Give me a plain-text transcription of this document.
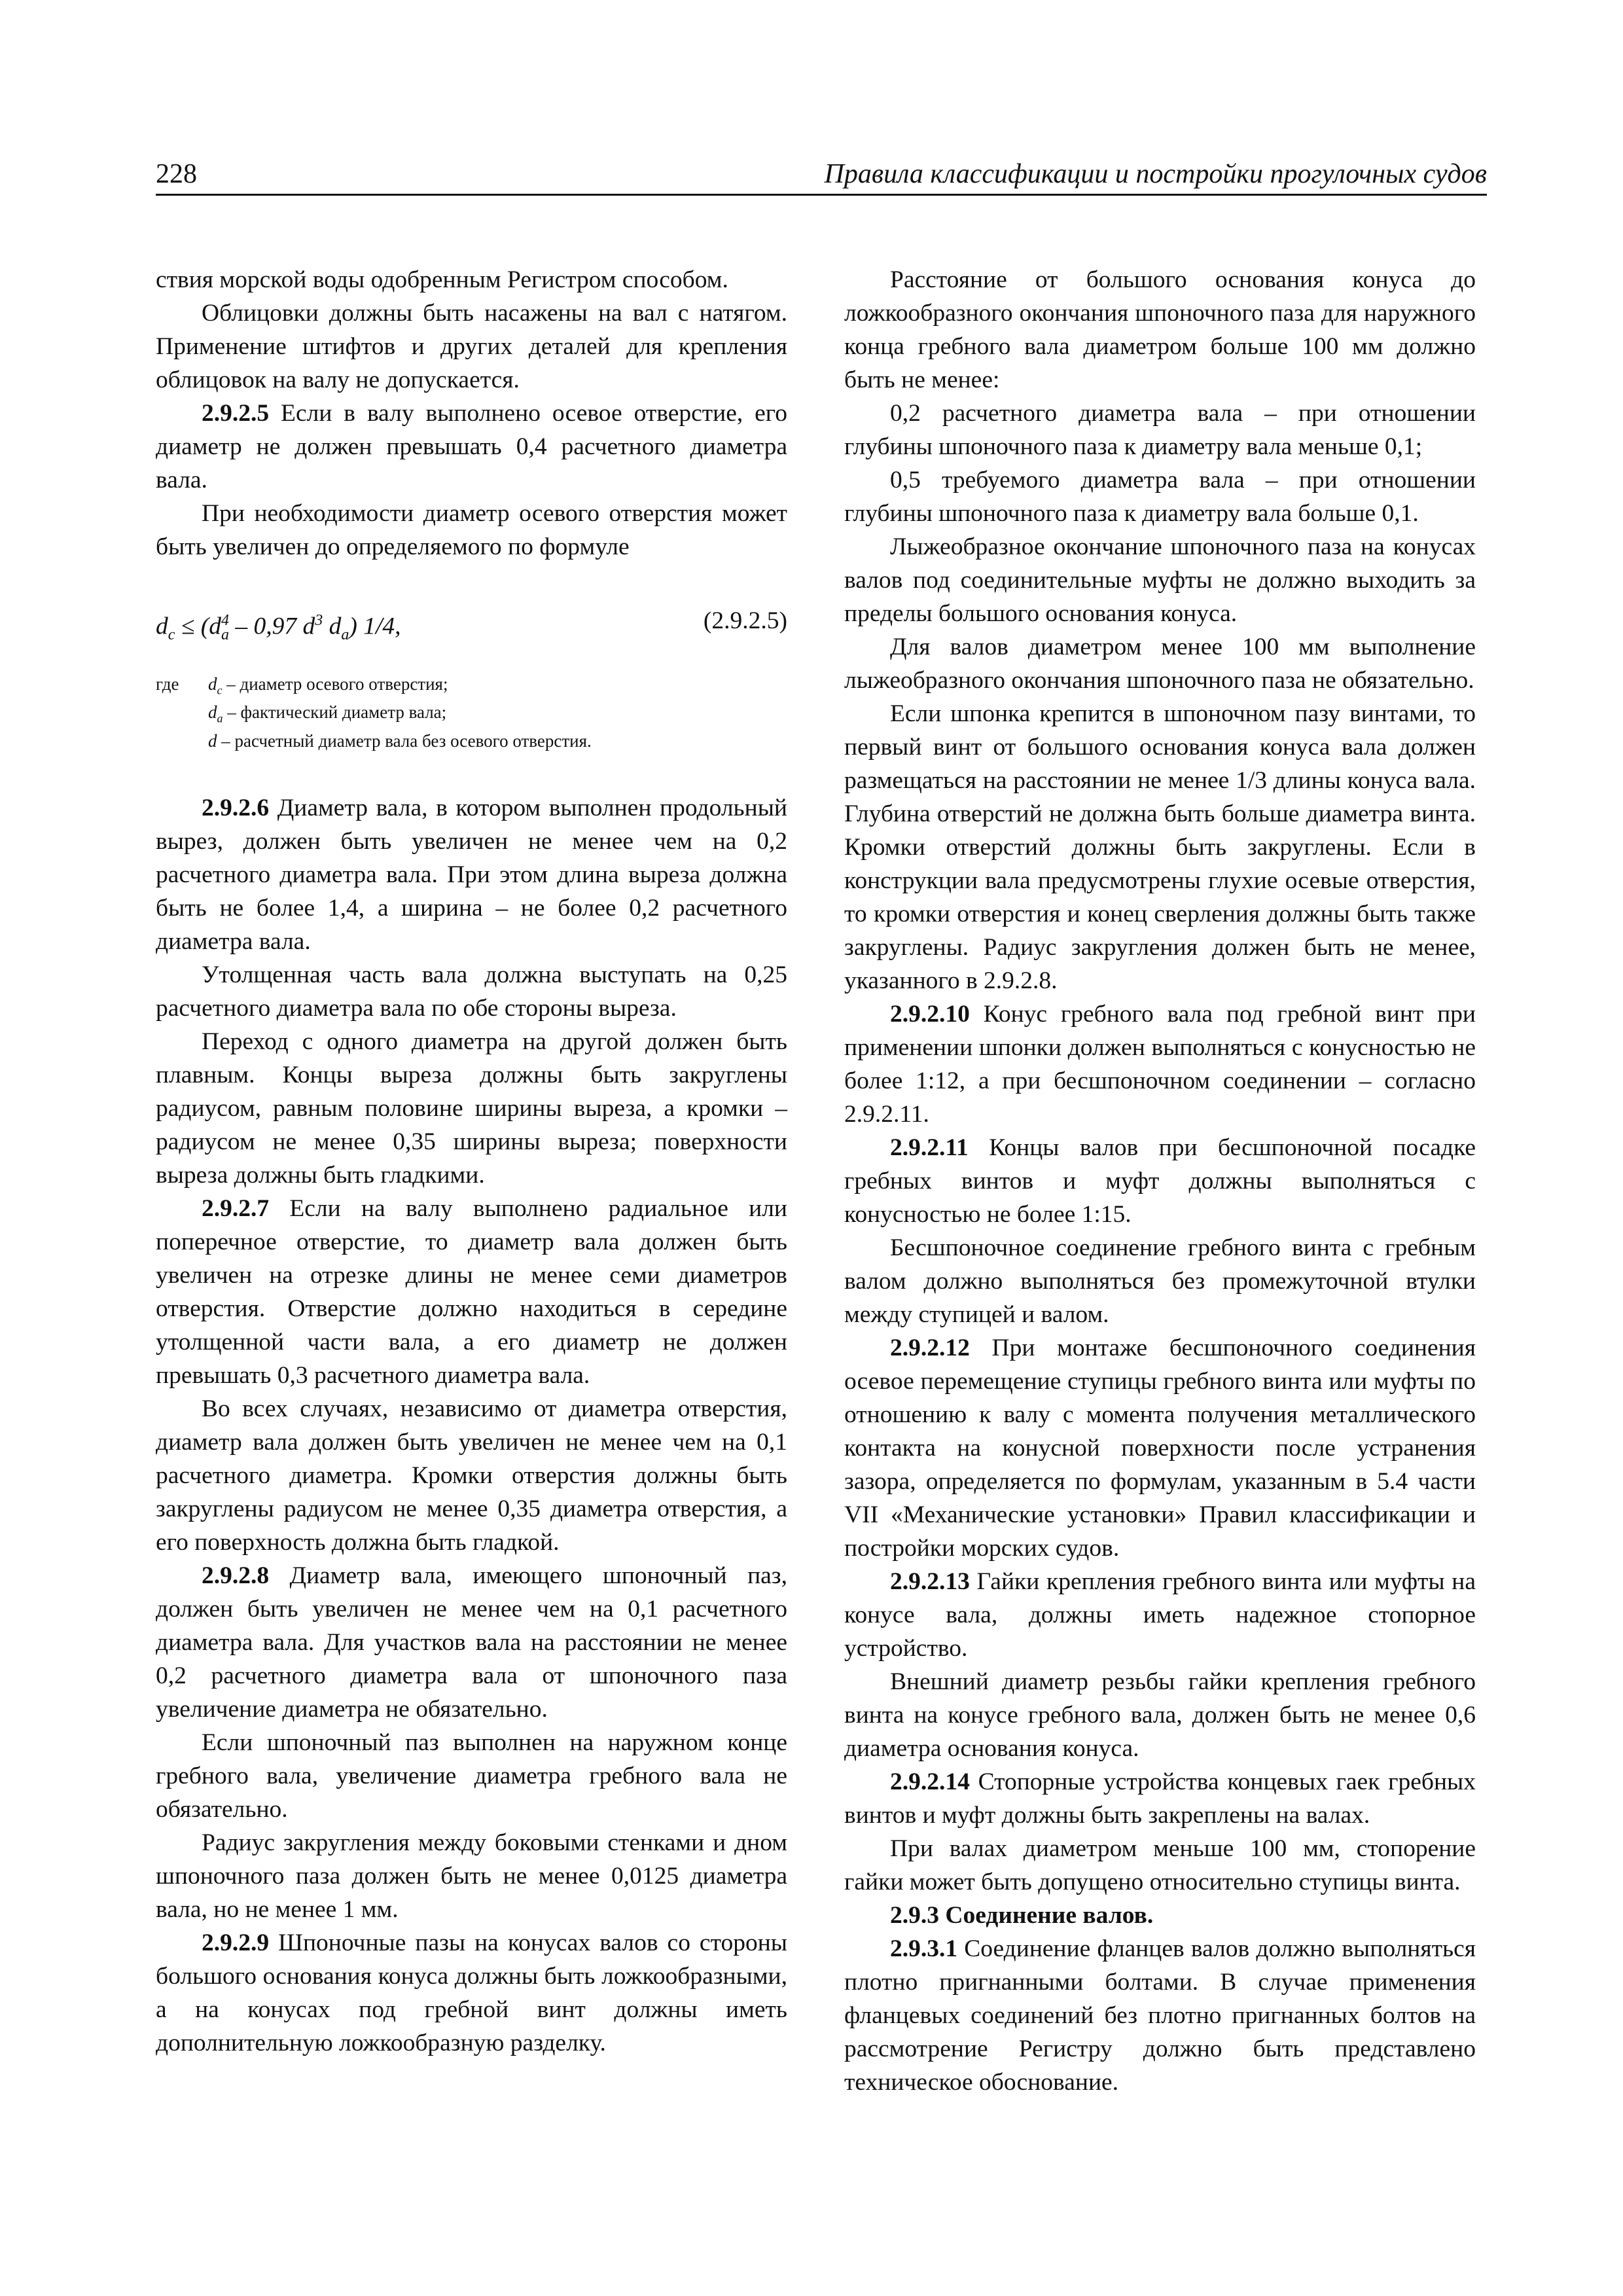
228	Правила классификации и постройки прогулочных судов

ствия морской воды одобренным Регистром способом.

Облицовки должны быть насажены на вал с натягом. Применение штифтов и других деталей для крепления облицовок на валу не допускается.

2.9.2.5 Если в валу выполнено осевое отверстие, его диаметр не должен превышать 0,4 расчетного диаметра вала.

При необходимости диаметр осевого отверстия может быть увеличен до определяемого по формуле

$d_c \le (d^4_a - 0,97$ $d^3$ $d_a$) 1/4,	(2.9.2.5)
где $d_c$ – диаметр осевого отверстия;
$d_a$ – фактический диаметр вала;
d – расчетный диаметр вала без осевого отверстия.

2.9.2.6 Диаметр вала, в котором выполнен продольный вырез, должен быть увеличен не менее чем на 0,2 расчетного диаметра вала. При этом длина выреза должна быть не более 1,4, а ширина – не более 0,2 расчетного диаметра вала.

Утолщенная часть вала должна выступать на 0,25 расчетного диаметра вала по обе стороны выреза.

Переход с одного диаметра на другой должен быть плавным. Концы выреза должны быть закруглены радиусом, равным половине ширины выреза, а кромки – радиусом не менее 0,35 ширины выреза; поверхности выреза должны быть гладкими.

2.9.2.7 Если на валу выполнено радиальное или поперечное отверстие, то диаметр вала должен быть увеличен на отрезке длины не менее семи диаметров отверстия. Отверстие должно находиться в середине утолщенной части вала, а его диаметр не должен превышать 0,3 расчетного диаметра вала.

Во всех случаях, независимо от диаметра отверстия, диаметр вала должен быть увеличен не менее чем на 0,1 расчетного диаметра. Кромки отверстия должны быть закруглены радиусом не менее 0,35 диаметра отверстия, а его поверхность должна быть гладкой.

2.9.2.8 Диаметр вала, имеющего шпоночный паз, должен быть увеличен не менее чем на 0,1 расчетного диаметра вала. Для участков вала на расстоянии не менее 0,2 расчетного диаметра вала от шпоночного паза увеличение диаметра не обязательно.

Если шпоночный паз выполнен на наружном конце гребного вала, увеличение диаметра гребного вала не обязательно.

Радиус закругления между боковыми стенками и дном шпоночного паза должен быть не менее 0,0125 диаметра вала, но не менее 1 мм.

2.9.2.9 Шпоночные пазы на конусах валов со стороны большого основания конуса должны быть ложкообразными, а на конусах под гребной винт должны иметь дополнительную ложкообразную разделку.

Расстояние от большого основания конуса до ложкообразного окончания шпоночного паза для наружного конца гребного вала диаметром больше 100 мм должно быть не менее:

0,2 расчетного диаметра вала – при отношении глубины шпоночного паза к диаметру вала меньше 0,1;

0,5 требуемого диаметра вала – при отношении глубины шпоночного паза к диаметру вала больше 0,1.

Лыжеобразное окончание шпоночного паза на конусах валов под соединительные муфты не должно выходить за пределы большого основания конуса.

Для валов диаметром менее 100 мм выполнение лыжеобразного окончания шпоночного паза не обязательно.

Если шпонка крепится в шпоночном пазу винтами, то первый винт от большого основания конуса вала должен размещаться на расстоянии не менее 1/3 длины конуса вала. Глубина отверстий не должна быть больше диаметра винта. Кромки отверстий должны быть закруглены. Если в конструкции вала предусмотрены глухие осевые отверстия, то кромки отверстия и конец сверления должны быть также закруглены. Радиус закругления должен быть не менее, указанного в 2.9.2.8.

2.9.2.10 Конус гребного вала под гребной винт при применении шпонки должен выполняться с конусностью не более 1:12, а при бесшпоночном соединении – согласно 2.9.2.11.

2.9.2.11 Концы валов при бесшпоночной посадке гребных винтов и муфт должны выполняться с конусностью не более 1:15.

Бесшпоночное соединение гребного винта с гребным валом должно выполняться без промежуточной втулки между ступицей и валом.

2.9.2.12 При монтаже бесшпоночного соединения осевое перемещение ступицы гребного винта или муфты по отношению к валу с момента получения металлического контакта на конусной поверхности после устранения зазора, определяется по формулам, указанным в 5.4 части VII «Механические установки» Правил классификации и постройки морских судов.

2.9.2.13 Гайки крепления гребного винта или муфты на конусе вала, должны иметь надежное стопорное устройство.

Внешний диаметр резьбы гайки крепления гребного винта на конусе гребного вала, должен быть не менее 0,6 диаметра основания конуса.

2.9.2.14 Стопорные устройства концевых гаек гребных винтов и муфт должны быть закреплены на валах.

При валах диаметром меньше 100 мм, стопорение гайки может быть допущено относительно ступицы винта.

2.9.3 Соединение валов.

2.9.3.1 Соединение фланцев валов должно выполняться плотно пригнанными болтами. В случае применения фланцевых соединений без плотно пригнанных болтов на рассмотрение Регистру должно быть представлено техническое обоснование.
